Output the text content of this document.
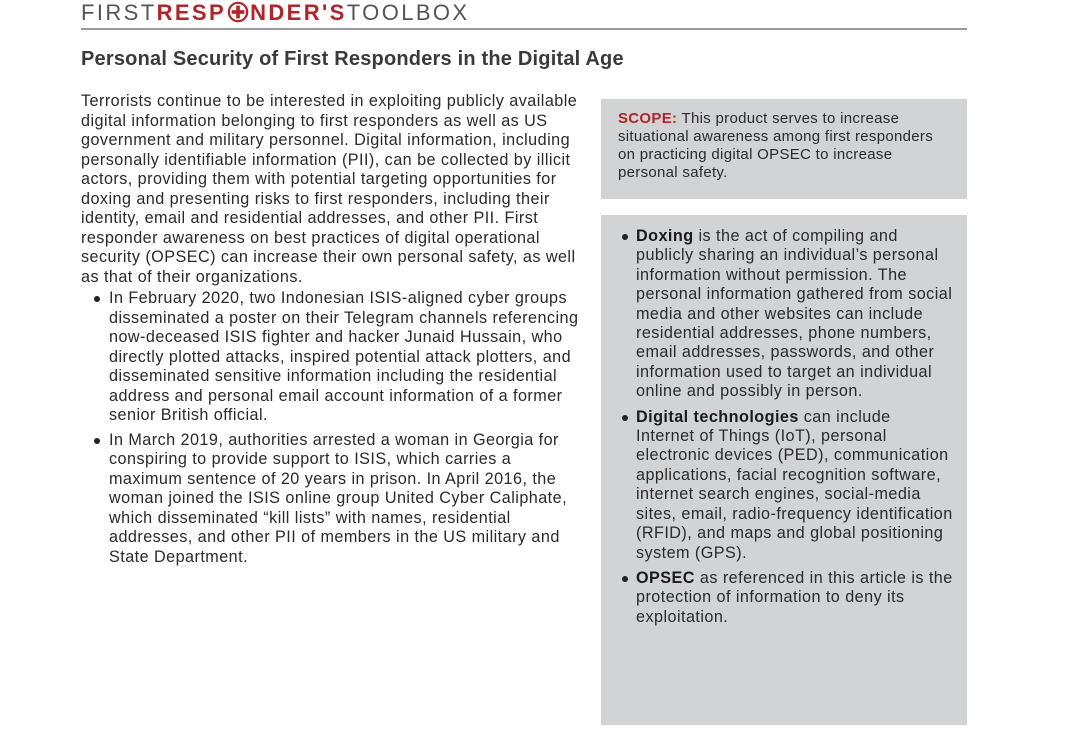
FIRSTRESP NDER'STOOLBOX
Personal Security of First Responders in the Digital Age

Terrorists continue to be interested in exploiting publicly available digital information belonging to first responders as well as US government and military personnel. Digital information, including personally identifiable information (PII), can be collected by illicit actors, providing them with potential targeting opportunities for doxing and presenting risks to first responders, including their identity, email and residential addresses, and other PII. First responder awareness on best practices of digital operational security (OPSEC) can increase their own personal safety, as well as that of their organizations.

In February 2020, two Indonesian ISIS-aligned cyber groups disseminated a poster on their Telegram channels referencing now-deceased ISIS fighter and hacker Junaid Hussain, who directly plotted attacks, inspired potential attack plotters, and disseminated sensitive information including the residential address and personal email account information of a former senior British official.
In March 2019, authorities arrested a woman in Georgia for conspiring to provide support to ISIS, which carries a maximum sentence of 20 years in prison. In April 2016, the woman joined the ISIS online group United Cyber Caliphate, which disseminated “kill lists” with names, residential addresses, and other PII of members in the US military and State Department.
SCOPE: This product serves to increase situational awareness among first responders on practicing digital OPSEC to increase personal safety.
Doxing is the act of compiling and publicly sharing an individual’s personal information without permission. The personal information gathered from social media and other websites can include residential addresses, phone numbers, email addresses, passwords, and other information used to target an individual online and possibly in person.
Digital technologies can include Internet of Things (IoT), personal electronic devices (PED), communication applications, facial recognition software, internet search engines, social-media sites, email, radio-frequency identification (RFID), and maps and global positioning system (GPS).
OPSEC as referenced in this article is the protection of information to deny its exploitation.
